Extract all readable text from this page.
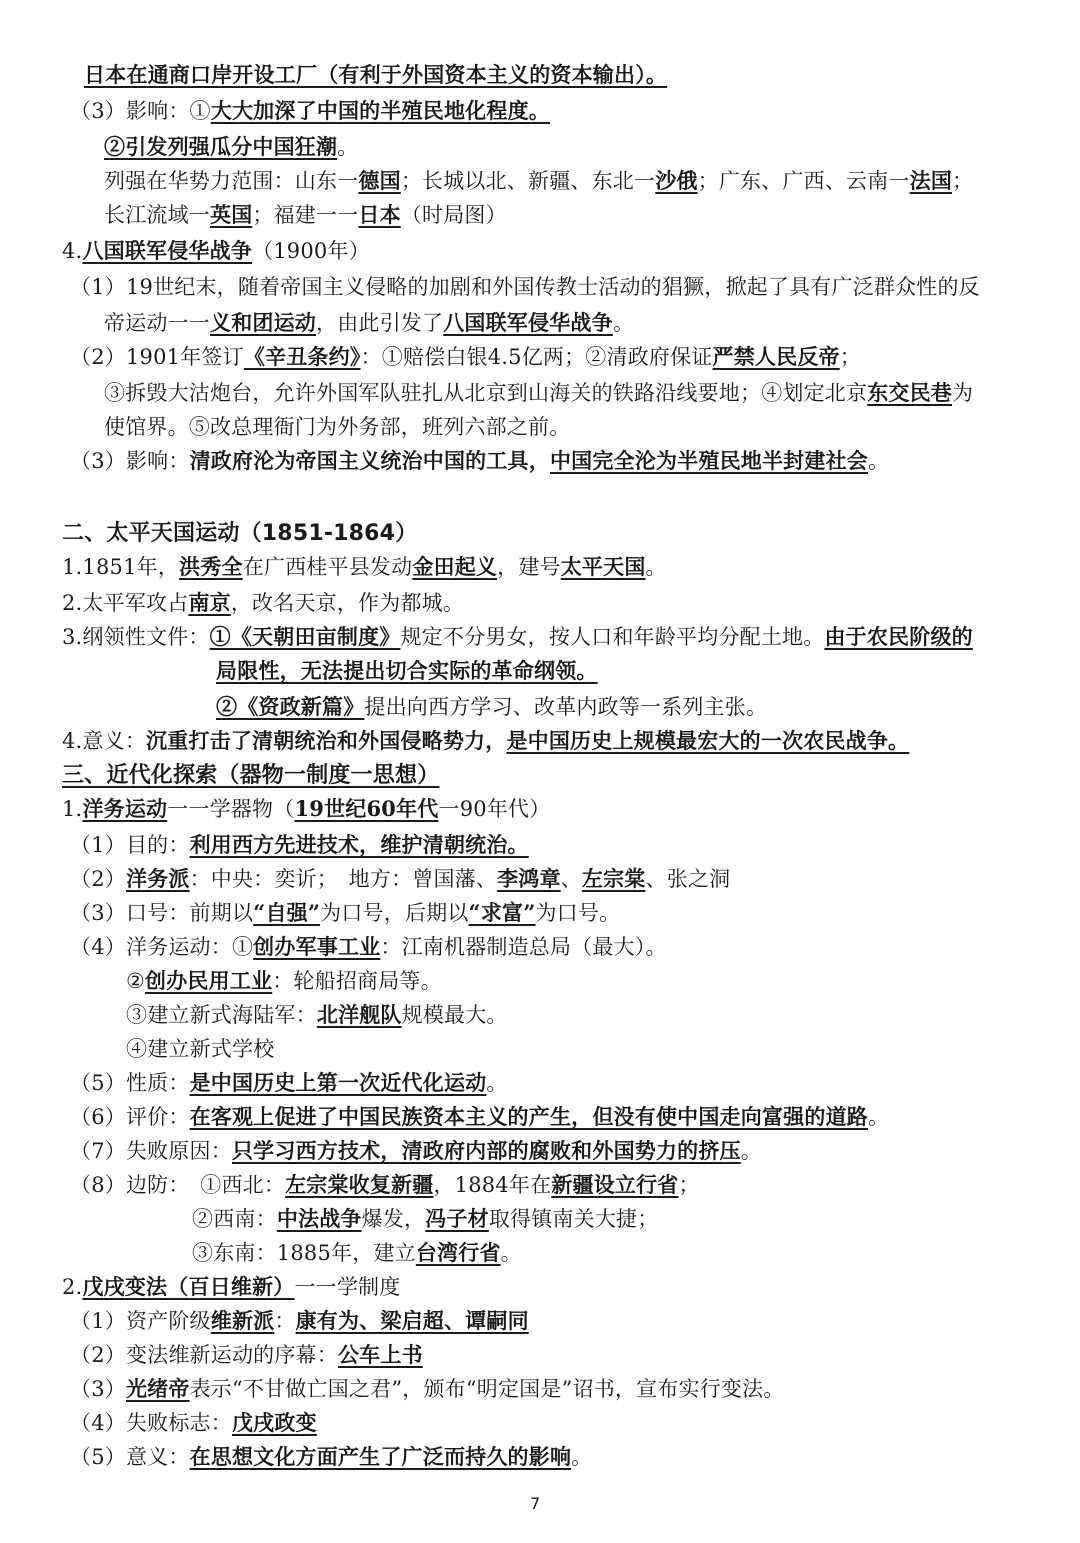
日本在通商口岸开设工厂（有利于外国资本主义的资本输出）。
（3）影响：①大大加深了中国的半殖民地化程度。
②引发列强瓜分中国狂潮。
列强在华势力范围：山东一德国；长城以北、新疆、东北一沙俄；广东、广西、云南一法国；
长江流域一英国；福建一一日本（时局图）
4.八国联军侵华战争（1900年）
（1）19世纪末，随着帝国主义侵略的加剧和外国传教士活动的猖獗，掀起了具有广泛群众性的反
帝运动一一义和团运动，由此引发了八国联军侵华战争。
（2）1901年签订《辛丑条约》：①赔偿白银4.5亿两；②清政府保证严禁人民反帝；
③拆毁大沽炮台，允许外国军队驻扎从北京到山海关的铁路沿线要地；④划定北京东交民巷为
使馆界。⑤改总理衙门为外务部，班列六部之前。
（3）影响：清政府沦为帝国主义统治中国的工具，中国完全沦为半殖民地半封建社会。
二、太平天国运动（1851-1864）
1.1851年，洪秀全在广西桂平县发动金田起义，建号太平天国。
2.太平军攻占南京，改名天京，作为都城。
3.纲领性文件：①《天朝田亩制度》规定不分男女，按人口和年龄平均分配土地。由于农民阶级的
局限性，无法提出切合实际的革命纲领。
②《资政新篇》提出向西方学习、改革内政等一系列主张。
4.意义：沉重打击了清朝统治和外国侵略势力，是中国历史上规模最宏大的一次农民战争。
三、近代化探索（器物一制度一思想）
1.洋务运动一一学器物（19世纪60年代一90年代）
（1）目的：利用西方先进技术，维护清朝统治。
（2）洋务派：中央：奕䜣；　地方：曾国藩、李鸿章、左宗棠、张之洞
（3）口号：前期以“自强”为口号，后期以“求富”为口号。
（4）洋务运动：①创办军事工业：江南机器制造总局（最大）。
②创办民用工业：轮船招商局等。
③建立新式海陆军：北洋舰队规模最大。
④建立新式学校
（5）性质：是中国历史上第一次近代化运动。
（6）评价：在客观上促进了中国民族资本主义的产生，但没有使中国走向富强的道路。
（7）失败原因：只学习西方技术，清政府内部的腐败和外国势力的挤压。
（8）边防：　①西北：左宗棠收复新疆，1884年在新疆设立行省；
②西南：中法战争爆发，冯子材取得镇南关大捷；
③东南：1885年，建立台湾行省。
2.戊戌变法（百日维新）一一学制度
（1）资产阶级维新派：康有为、梁启超、谭嗣同
（2）变法维新运动的序幕：公车上书
（3）光绪帝表示“不甘做亡国之君”，颁布“明定国是”诏书，宣布实行变法。
（4）失败标志：戊戌政变
（5）意义：在思想文化方面产生了广泛而持久的影响。
7
